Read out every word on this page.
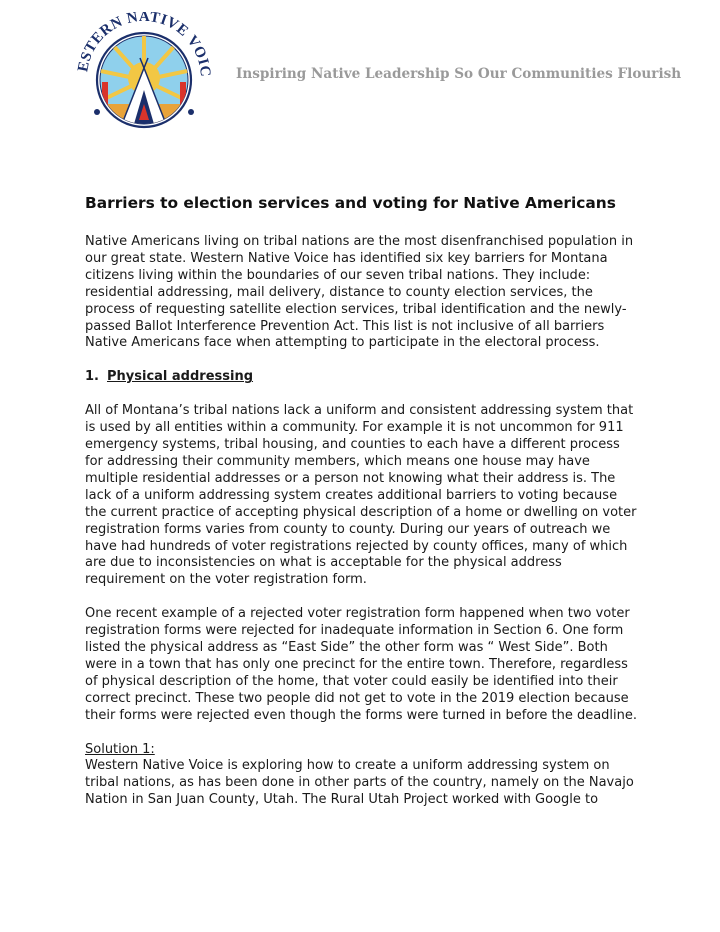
ESTERN NATIVE VOIC Inspiring Native Leadership So Our Communities Flourish
Barriers to election services and voting for Native Americans

Native Americans living on tribal nations are the most disenfranchised population in our great state. Western Native Voice has identified six key barriers for Montana citizens living within the boundaries of our seven tribal nations. They include: residential addressing, mail delivery, distance to county election services, the process of requesting satellite election services, tribal identification and the newly-passed Ballot Interference Prevention Act. This list is not inclusive of all barriers Native Americans face when attempting to participate in the electoral process.

1. Physical addressing

All of Montana’s tribal nations lack a uniform and consistent addressing system that is used by all entities within a community. For example it is not uncommon for 911 emergency systems, tribal housing, and counties to each have a different process for addressing their community members, which means one house may have multiple residential addresses or a person not knowing what their address is. The lack of a uniform addressing system creates additional barriers to voting because the current practice of accepting physical description of a home or dwelling on voter registration forms varies from county to county. During our years of outreach we have had hundreds of voter registrations rejected by county offices, many of which are due to inconsistencies on what is acceptable for the physical address requirement on the voter registration form.

One recent example of a rejected voter registration form happened when two voter registration forms were rejected for inadequate information in Section 6. One form listed the physical address as “East Side” the other form was “ West Side”. Both were in a town that has only one precinct for the entire town. Therefore, regardless of physical description of the home, that voter could easily be identified into their correct precinct. These two people did not get to vote in the 2019 election because their forms were rejected even though the forms were turned in before the deadline.

Solution 1:
Western Native Voice is exploring how to create a uniform addressing system on tribal nations, as has been done in other parts of the country, namely on the Navajo Nation in San Juan County, Utah. The Rural Utah Project worked with Google to
